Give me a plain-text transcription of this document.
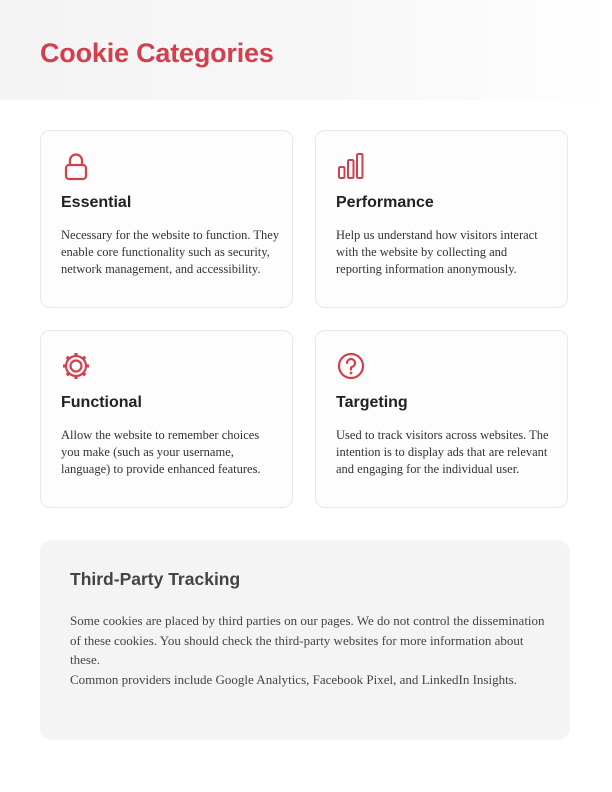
Cookie Categories
Essential
Necessary for the website to function. They enable core functionality such as security, network management, and accessibility.
Performance
Help us understand how visitors interact with the website by collecting and reporting information anonymously.
Functional
Allow the website to remember choices you make (such as your username, language) to provide enhanced features.
Targeting
Used to track visitors across websites. The intention is to display ads that are relevant and engaging for the individual user.
Third-Party Tracking

Some cookies are placed by third parties on our pages. We do not control the dissemination of these cookies. You should check the third-party websites for more information about these.

Common providers include Google Analytics, Facebook Pixel, and LinkedIn Insights.
